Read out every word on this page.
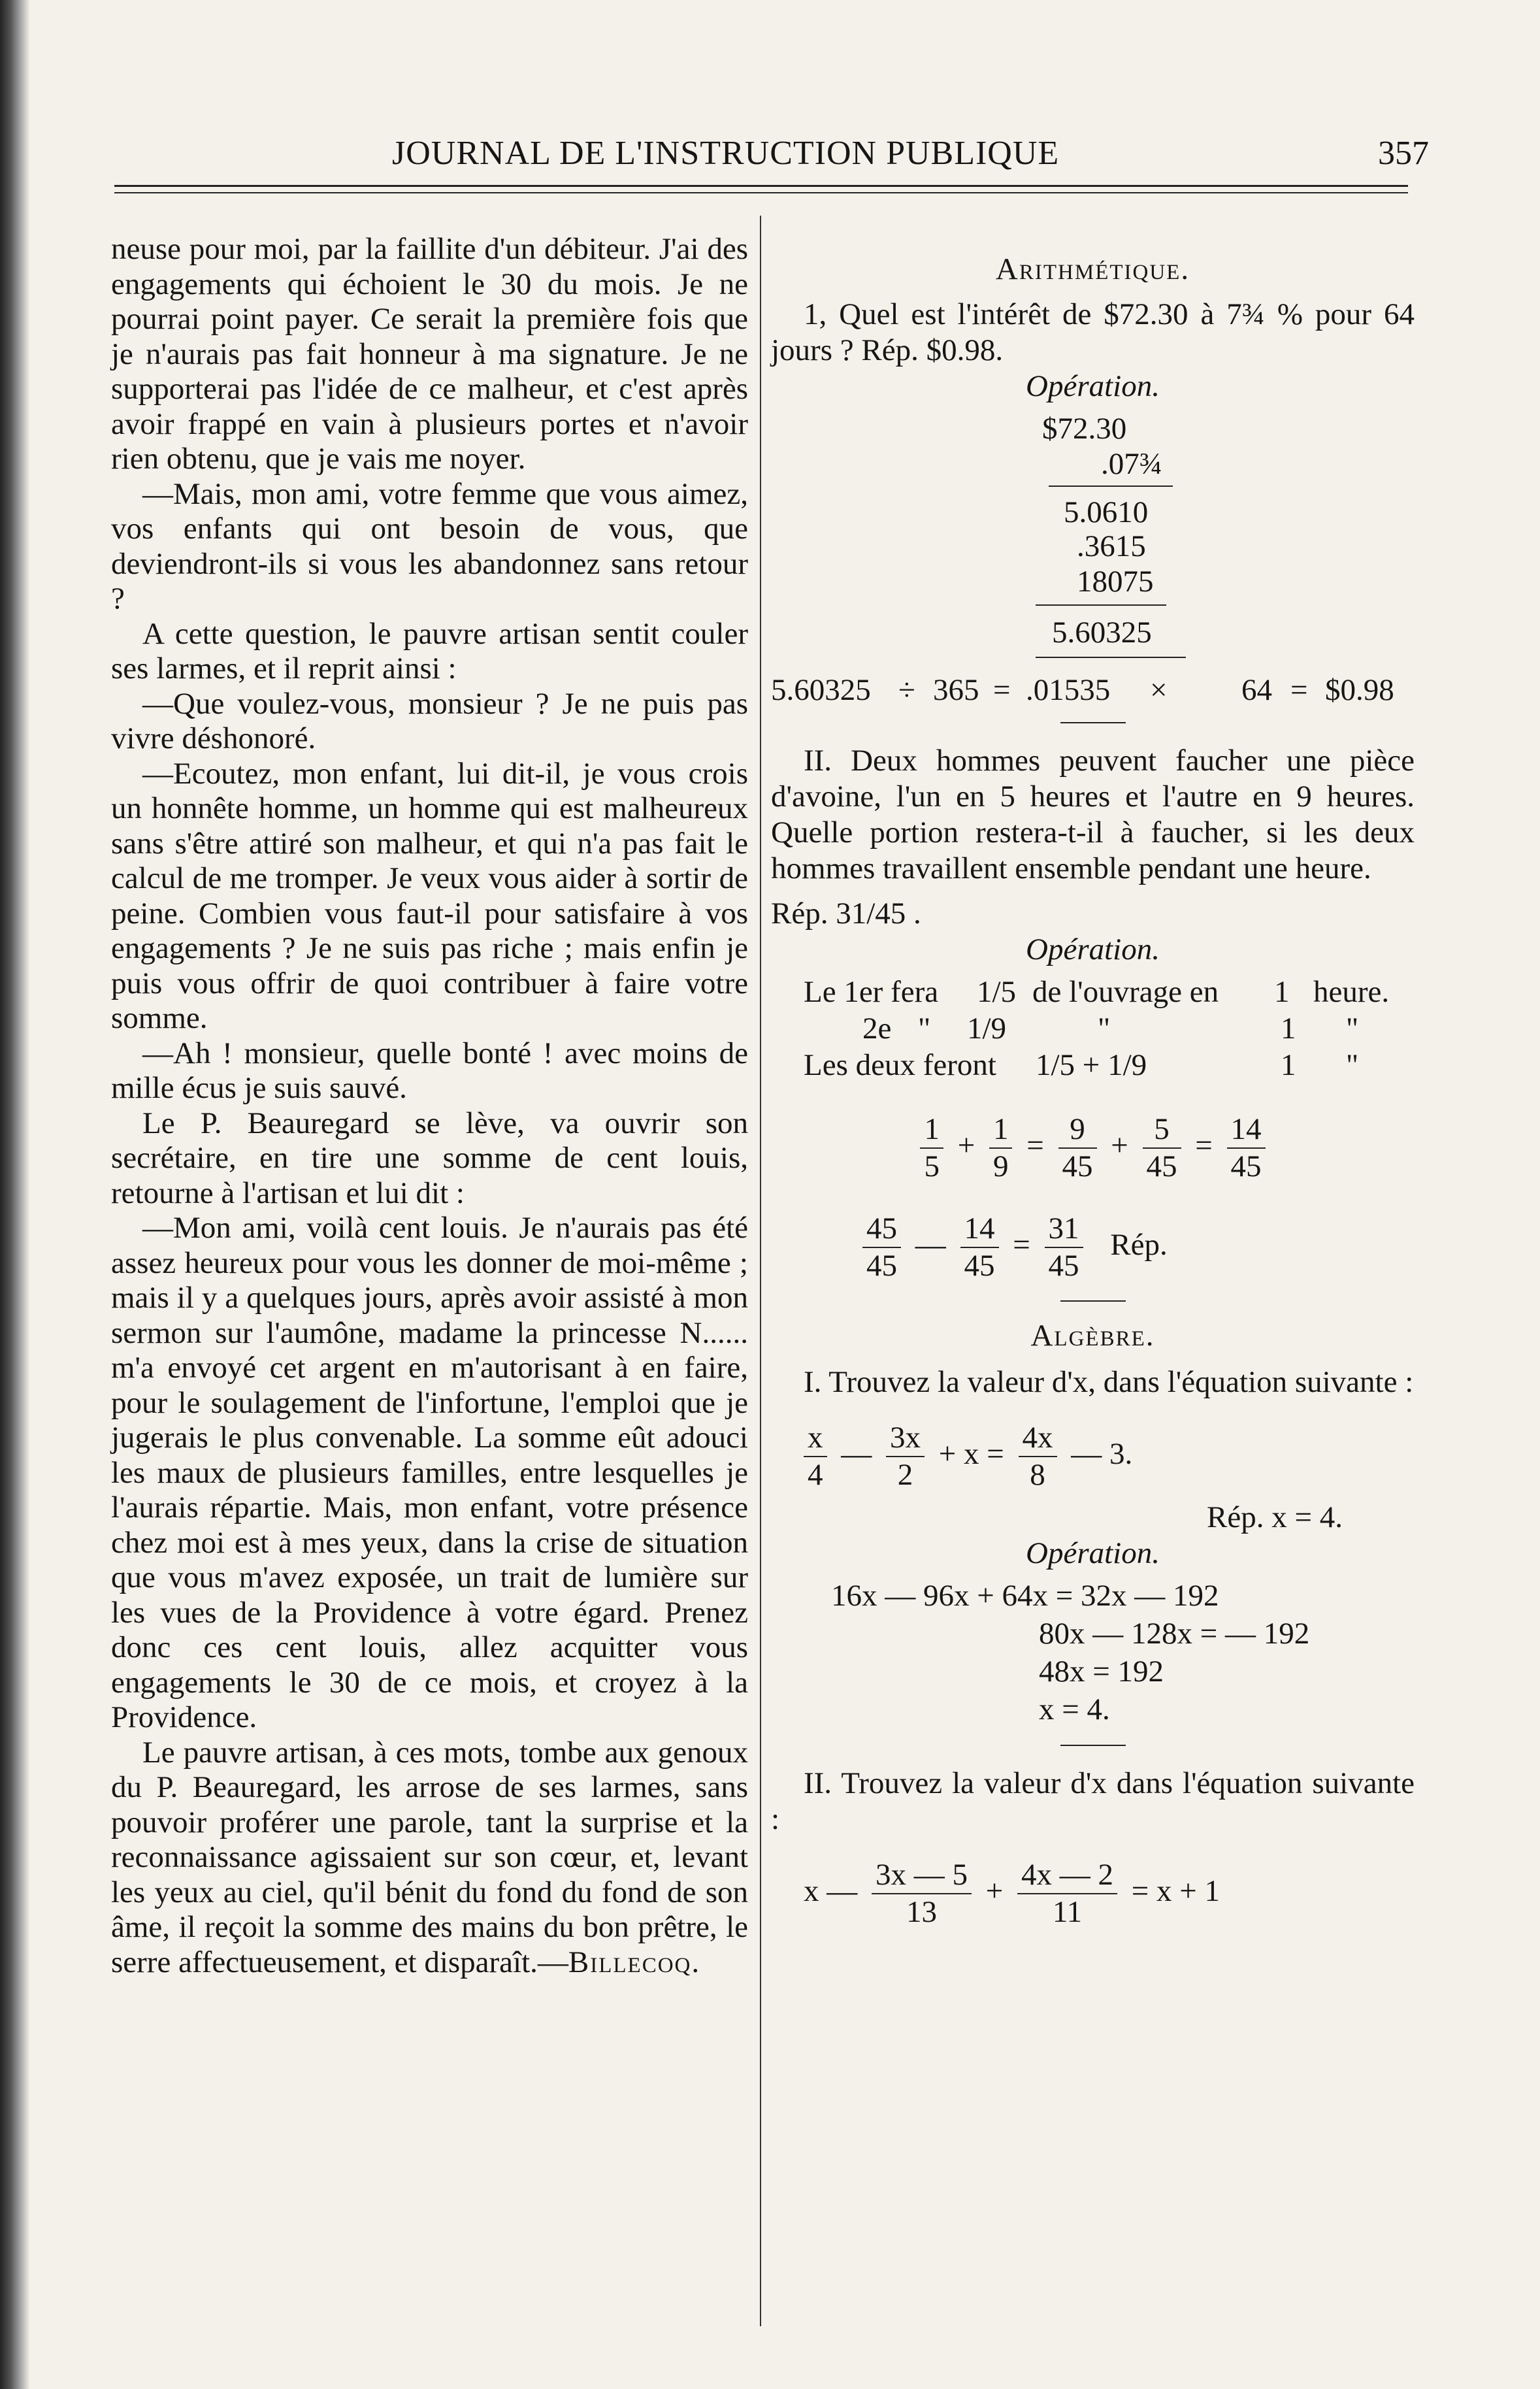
JOURNAL DE L'INSTRUCTION PUBLIQUE	357

neuse pour moi, par la faillite d'un débiteur. J'ai des engagements qui échoient le 30 du mois. Je ne pourrai point payer. Ce serait la première fois que je n'aurais pas fait honneur à ma signature. Je ne supporterai pas l'idée de ce malheur, et c'est après avoir frappé en vain à plusieurs portes et n'avoir rien obtenu, que je vais me noyer.

—Mais, mon ami, votre femme que vous aimez, vos enfants qui ont besoin de vous, que deviendront-ils si vous les abandonnez sans retour ?

A cette question, le pauvre artisan sentit couler ses larmes, et il reprit ainsi :

—Que voulez-vous, monsieur ? Je ne puis pas vivre déshonoré.

—Ecoutez, mon enfant, lui dit-il, je vous crois un honnête homme, un homme qui est malheureux sans s'être attiré son malheur, et qui n'a pas fait le calcul de me tromper. Je veux vous aider à sortir de peine. Combien vous faut-il pour satisfaire à vos engagements ? Je ne suis pas riche ; mais enfin je puis vous offrir de quoi contribuer à faire votre somme.

—Ah ! monsieur, quelle bonté ! avec moins de mille écus je suis sauvé.

Le P. Beauregard se lève, va ouvrir son secrétaire, en tire une somme de cent louis, retourne à l'artisan et lui dit :

—Mon ami, voilà cent louis. Je n'aurais pas été assez heureux pour vous les donner de moi-même ; mais il y a quelques jours, après avoir assisté à mon sermon sur l'aumône, madame la princesse N...... m'a envoyé cet argent en m'autorisant à en faire, pour le soulagement de l'infortune, l'emploi que je jugerais le plus convenable. La somme eût adouci les maux de plusieurs familles, entre lesquelles je l'aurais répartie. Mais, mon enfant, votre présence chez moi est à mes yeux, dans la crise de situation que vous m'avez exposée, un trait de lumière sur les vues de la Providence à votre égard. Prenez donc ces cent louis, allez acquitter vous engagements le 30 de ce mois, et croyez à la Providence.

Le pauvre artisan, à ces mots, tombe aux genoux du P. Beauregard, les arrose de ses larmes, sans pouvoir proférer une parole, tant la surprise et la reconnaissance agissaient sur son cœur, et, levant les yeux au ciel, qu'il bénit du fond du fond de son âme, il reçoit la somme des mains du bon prêtre, le serre affectueusement, et disparaît.—Billecoq.

Arithmétique.

1, Quel est l'intérêt de $72.30 à 7¾ % pour 64 jours ? Rép. $0.98.

Opération.
$72.30
.07¾
5.0610
.3615
18075
5.60325
5.60325 ÷ 365 = .01535 × 64 = $0.98

II. Deux hommes peuvent faucher une pièce d'avoine, l'un en 5 heures et l'autre en 9 heures. Quelle portion restera-t-il à faucher, si les deux hommes travaillent ensemble pendant une heure.

Rép. 31/45 .
Opération.
Le 1er fera 1/5 de l'ouvrage en 1 heure.
2e " 1/9	"	1 "
Les deux feront 1/5 + 1/9	1 "
$\frac{1}{5} + \frac{1}{9} = \frac{9}{45} + \frac{5}{45} = \frac{14}{45}$
$\frac{45}{45}$ — $\frac{14}{45} = \frac{31}{45}$ Rép.
Algèbre.

I. Trouvez la valeur d'x, dans l'équation suivante :

$\frac{x}{4}$ — $\frac{3x}{2} + x = \frac{4x}{8}$ — 3.
Rép. x = 4.
Opération.
16x — 96x + 64x = 32x — 192
80x — 128x = — 192
48x = 192
x = 4.

II. Trouvez la valeur d'x dans l'équation suivante :

x — $\frac{3x — 5}{13} + \frac{4x — 2}{11} = x + 1$
